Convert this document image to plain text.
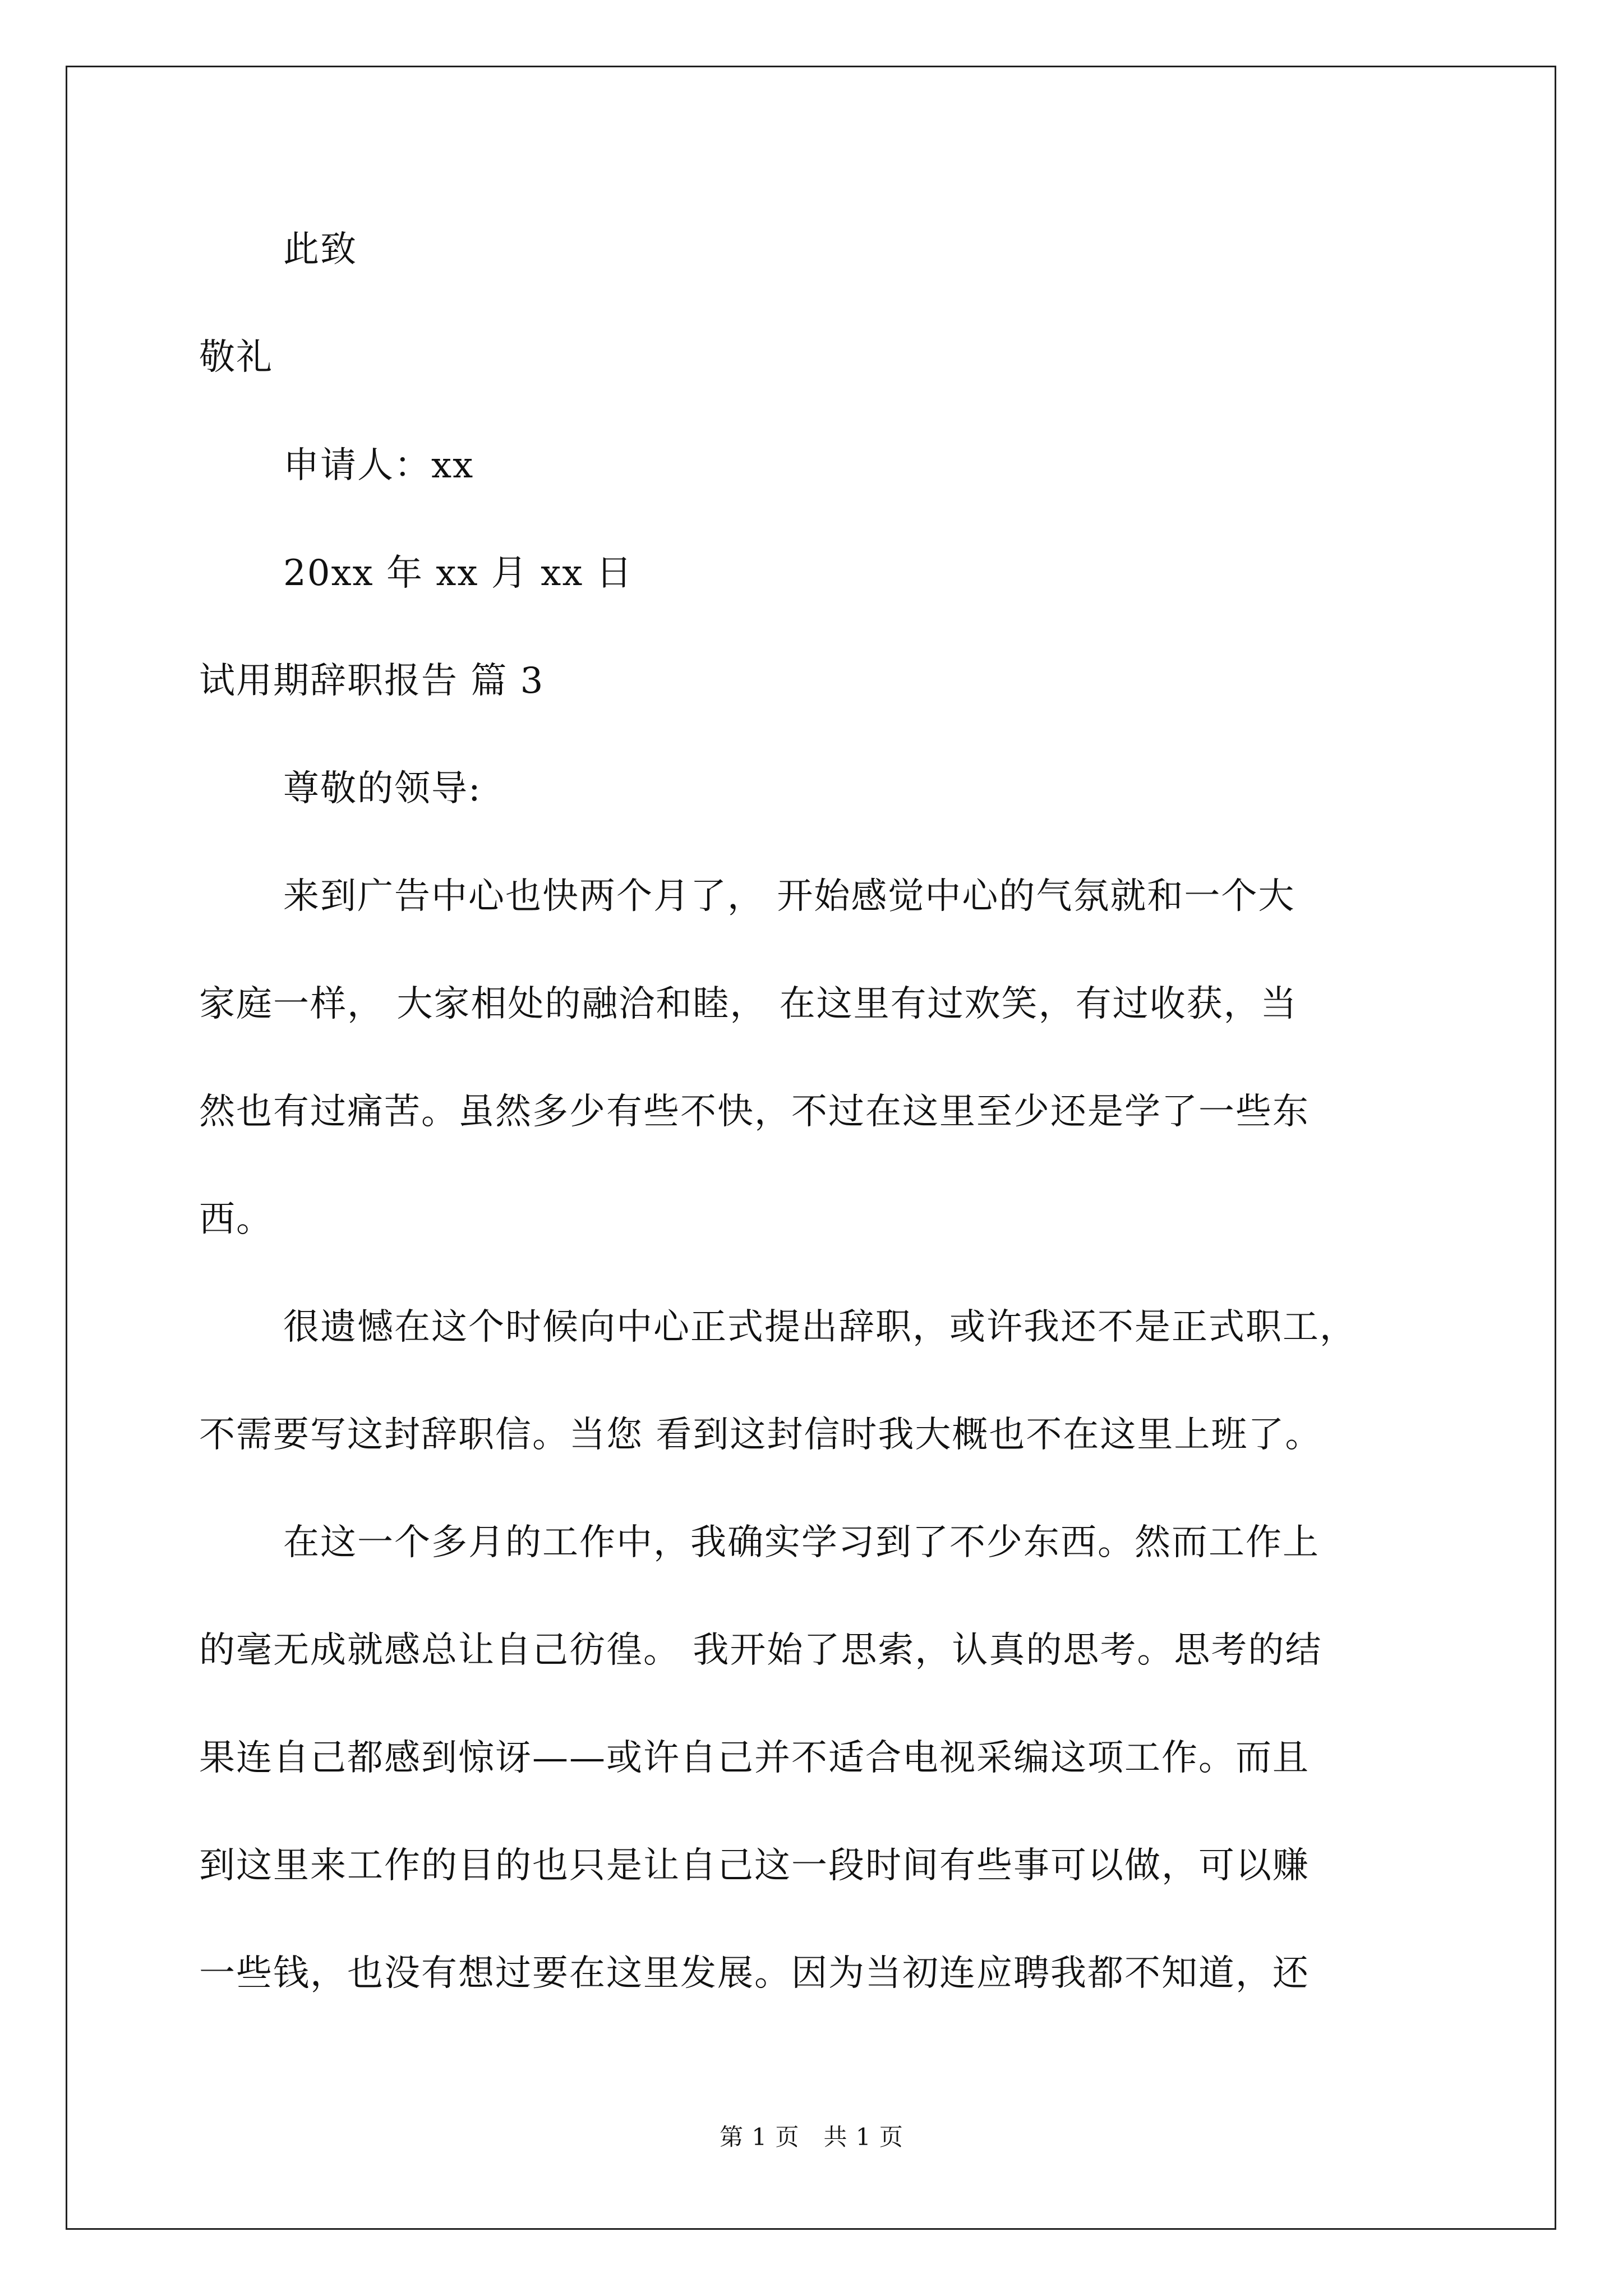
此致
敬礼
申请人：xx
20xx 年 xx 月 xx 日
试用期辞职报告 篇 3
尊敬的领导:
来到广告中心也快两个月了， 开始感觉中心的气氛就和一个大
家庭一样， 大家相处的融洽和睦， 在这里有过欢笑，有过收获，当
然也有过痛苦。虽然多少有些不快，不过在这里至少还是学了一些东
西。
很遗憾在这个时候向中心正式提出辞职，或许我还不是正式职工，
不需要写这封辞职信。当您 看到这封信时我大概也不在这里上班了。
在这一个多月的工作中，我确实学习到了不少东西。然而工作上
的毫无成就感总让自己彷徨。 我开始了思索，认真的思考。思考的结
果连自己都感到惊讶——或许自己并不适合电视采编这项工作。而且
到这里来工作的目的也只是让自己这一段时间有些事可以做，可以赚
一些钱，也没有想过要在这里发展。因为当初连应聘我都不知道，还
第 1 页　共 1 页
